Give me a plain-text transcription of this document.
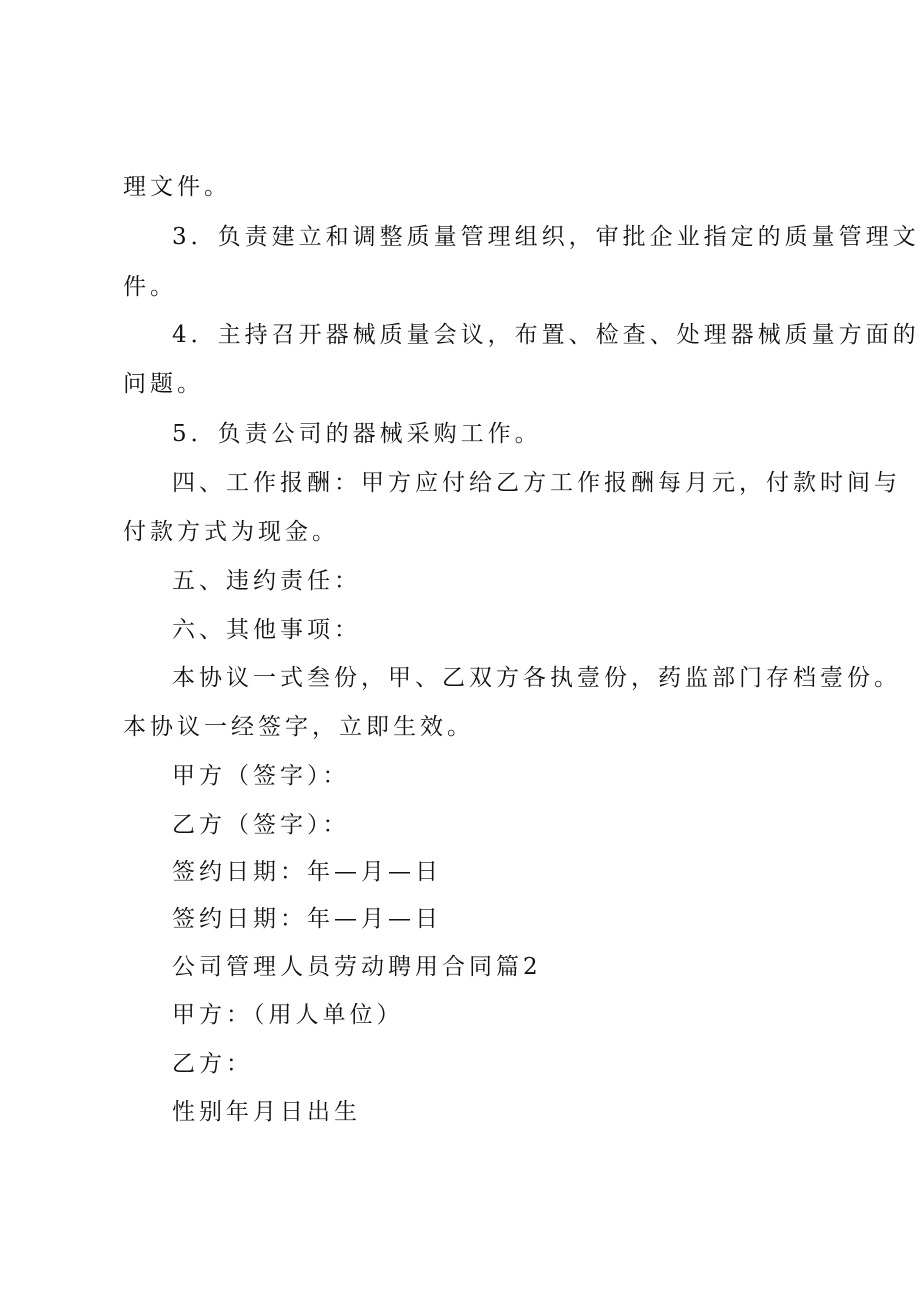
理文件。
3．负责建立和调整质量管理组织，审批企业指定的质量管理文
件。
4．主持召开器械质量会议，布置、检查、处理器械质量方面的
问题。
5．负责公司的器械采购工作。
四、工作报酬：甲方应付给乙方工作报酬每月元，付款时间与
付款方式为现金。
五、违约责任：
六、其他事项：
本协议一式叁份，甲、乙双方各执壹份，药监部门存档壹份。
本协议一经签字，立即生效。
甲方（签字）：
乙方（签字）：
签约日期：年—月—日
签约日期：年—月—日
公司管理人员劳动聘用合同篇2
甲方：（用人单位）
乙方：
性别年月日出生
